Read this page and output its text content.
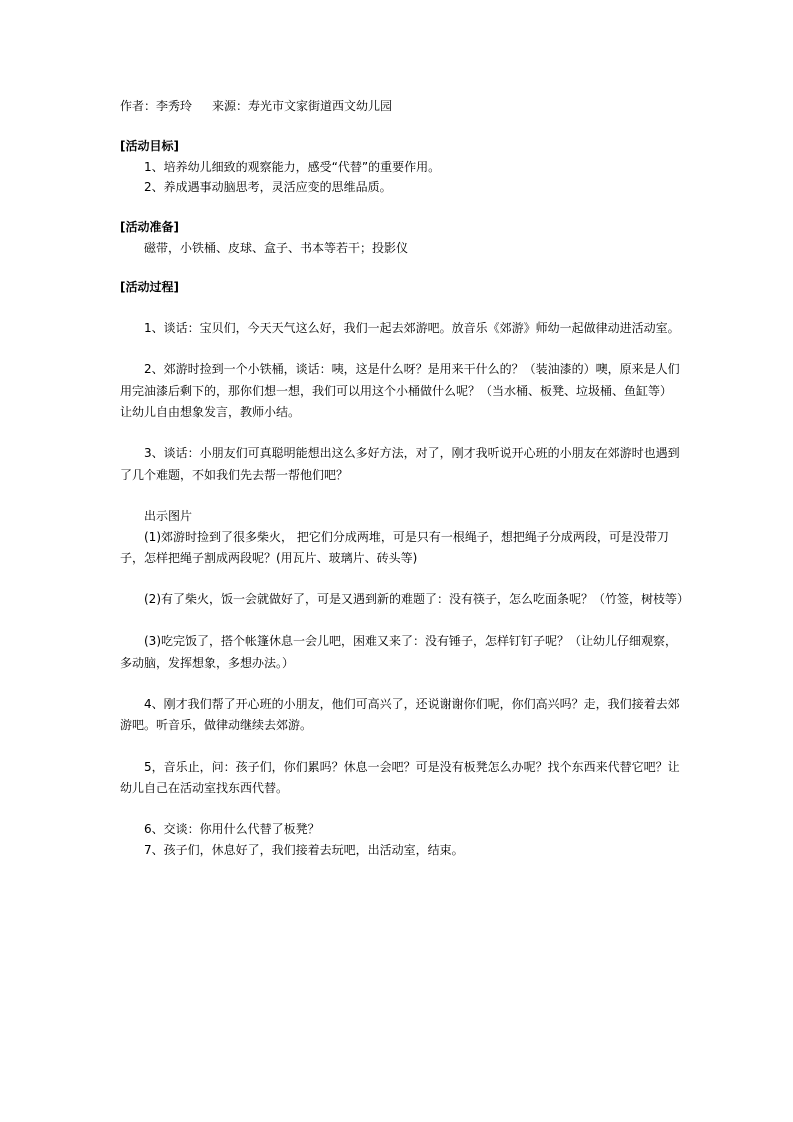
作者：李秀玲 来源：寿光市文家街道西文幼儿园
[活动目标]
1、培养幼儿细致的观察能力，感受“代替”的重要作用。
2、养成遇事动脑思考，灵活应变的思维品质。
[活动准备]
磁带，小铁桶、皮球、盒子、书本等若干；投影仪
[活动过程]
1、谈话：宝贝们，今天天气这么好，我们一起去郊游吧。放音乐《郊游》师幼一起做律动进活动室。
2、郊游时捡到一个小铁桶，谈话：咦，这是什么呀？是用来干什么的？（装油漆的）噢，原来是人们
用完油漆后剩下的，那你们想一想，我们可以用这个小桶做什么呢？（当水桶、板凳、垃圾桶、鱼缸等）
让幼儿自由想象发言，教师小结。
3、谈话：小朋友们可真聪明能想出这么多好方法，对了，刚才我听说开心班的小朋友在郊游时也遇到
了几个难题，不如我们先去帮一帮他们吧？
出示图片
(1)郊游时捡到了很多柴火， 把它们分成两堆，可是只有一根绳子，想把绳子分成两段，可是没带刀
子，怎样把绳子割成两段呢？(用瓦片、玻璃片、砖头等)
(2)有了柴火，饭一会就做好了，可是又遇到新的难题了：没有筷子，怎么吃面条呢？（竹签，树枝等）
(3)吃完饭了，搭个帐篷休息一会儿吧，困难又来了：没有锤子，怎样钉钉子呢？（让幼儿仔细观察，
多动脑，发挥想象，多想办法。）
4、刚才我们帮了开心班的小朋友，他们可高兴了，还说谢谢你们呢，你们高兴吗？走，我们接着去郊
游吧。听音乐，做律动继续去郊游。
5，音乐止，问：孩子们，你们累吗？休息一会吧？可是没有板凳怎么办呢？找个东西来代替它吧？让
幼儿自己在活动室找东西代替。
6、交谈：你用什么代替了板凳？
7、孩子们，休息好了，我们接着去玩吧，出活动室，结束。
